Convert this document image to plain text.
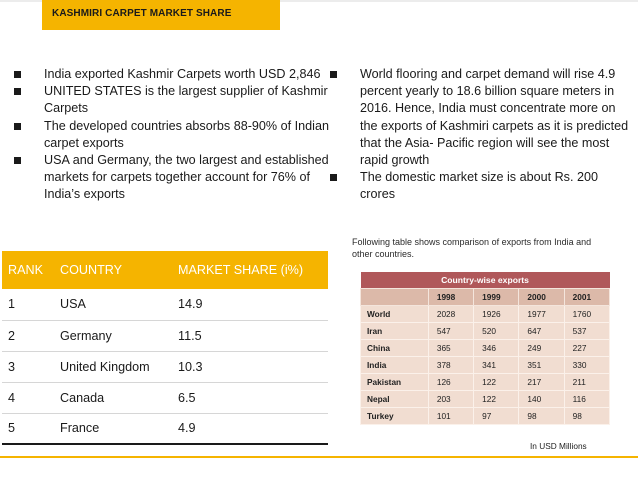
KASHMIRI CARPET MARKET SHARE
India exported Kashmir Carpets worth USD 2,846
UNITED STATES is the largest supplier of Kashmir Carpets
The developed countries absorbs 88-90% of Indian carpet exports
USA and Germany, the two largest and established markets for carpets together account for 76% of India’s exports
World flooring and carpet demand will rise 4.9 percent yearly to 18.6 billion square meters in 2016. Hence, India must concentrate more on the exports of Kashmiri carpets as it is predicted that the Asia- Pacific region will see the most rapid growth
The domestic market size is about Rs. 200 crores
RANK	COUNTRY	MARKET SHARE (i%)
1	USA	14.9
2	Germany	11.5
3	United Kingdom	10.3
4	Canada	6.5
5	France	4.9
Following table shows comparison of exports from India and other countries.
Country-wise exports				
	1998	1999	2000	2001
World	2028	1926	1977	1760
Iran	547	520	647	537
China	365	346	249	227
India	378	341	351	330
Pakistan	126	122	217	211
Nepal	203	122	140	116
Turkey	101	97	98	98
In USD Millions
